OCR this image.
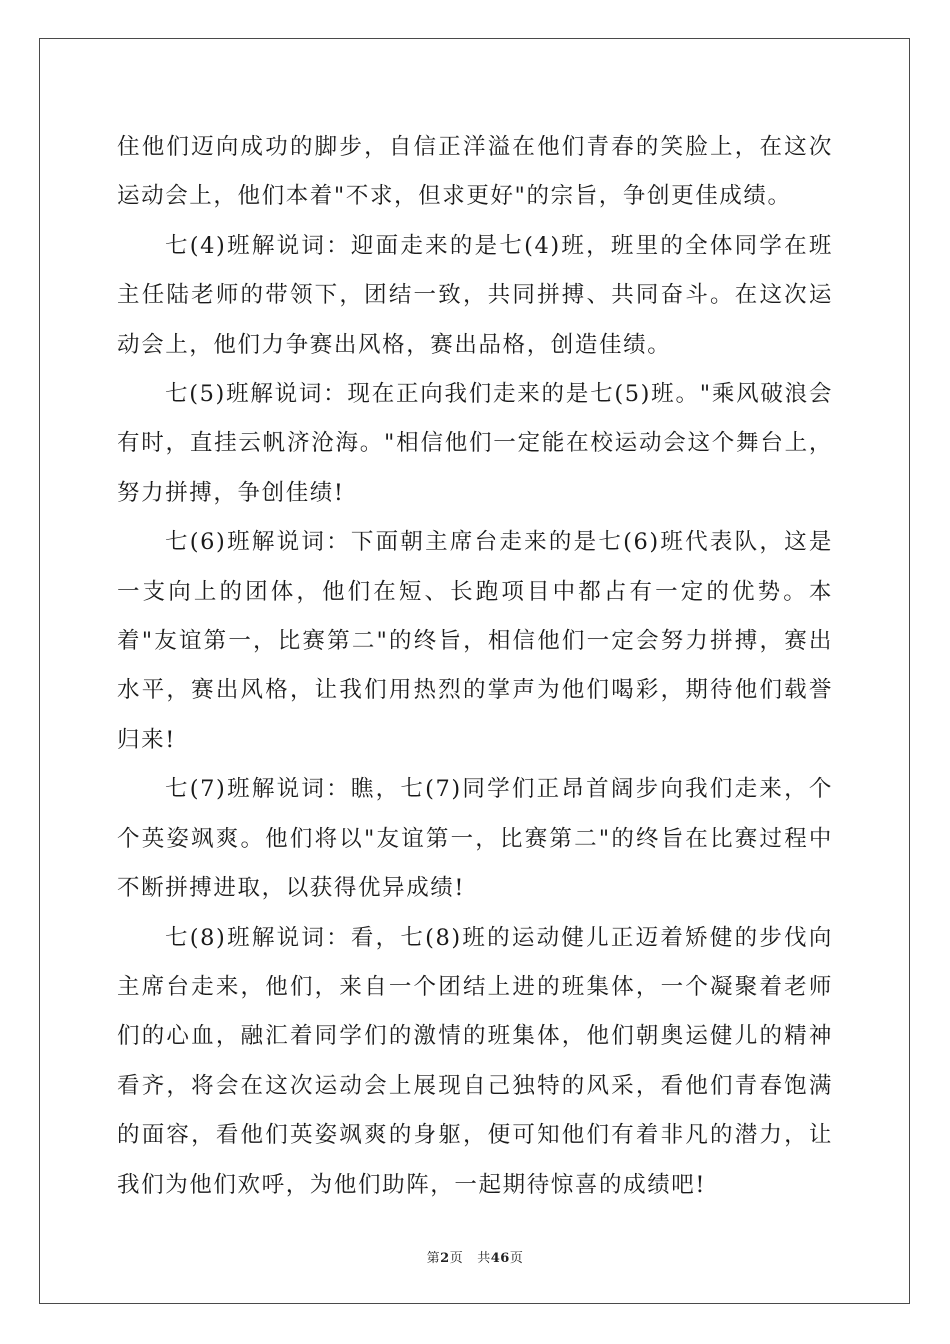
住他们迈向成功的脚步，自信正洋溢在他们青春的笑脸上，在这次运动会上，他们本着"不求，但求更好"的宗旨，争创更佳成绩。

七(4)班解说词：迎面走来的是七(4)班，班里的全体同学在班主任陆老师的带领下，团结一致，共同拼搏、共同奋斗。在这次运动会上，他们力争赛出风格，赛出品格，创造佳绩。

七(5)班解说词：现在正向我们走来的是七(5)班。"乘风破浪会有时，直挂云帆济沧海。"相信他们一定能在校运动会这个舞台上，努力拼搏，争创佳绩!

七(6)班解说词：下面朝主席台走来的是七(6)班代表队，这是一支向上的团体，他们在短、长跑项目中都占有一定的优势。本着"友谊第一，比赛第二"的终旨，相信他们一定会努力拼搏，赛出水平，赛出风格，让我们用热烈的掌声为他们喝彩，期待他们载誉归来!

七(7)班解说词：瞧，七(7)同学们正昂首阔步向我们走来，个个英姿飒爽。他们将以"友谊第一，比赛第二"的终旨在比赛过程中不断拼搏进取，以获得优异成绩!

七(8)班解说词：看，七(8)班的运动健儿正迈着矫健的步伐向主席台走来，他们，来自一个团结上进的班集体，一个凝聚着老师们的心血，融汇着同学们的激情的班集体，他们朝奥运健儿的精神看齐，将会在这次运动会上展现自己独特的风采，看他们青春饱满的面容，看他们英姿飒爽的身躯，便可知他们有着非凡的潜力，让我们为他们欢呼，为他们助阵，一起期待惊喜的成绩吧!

第2页 共46页
